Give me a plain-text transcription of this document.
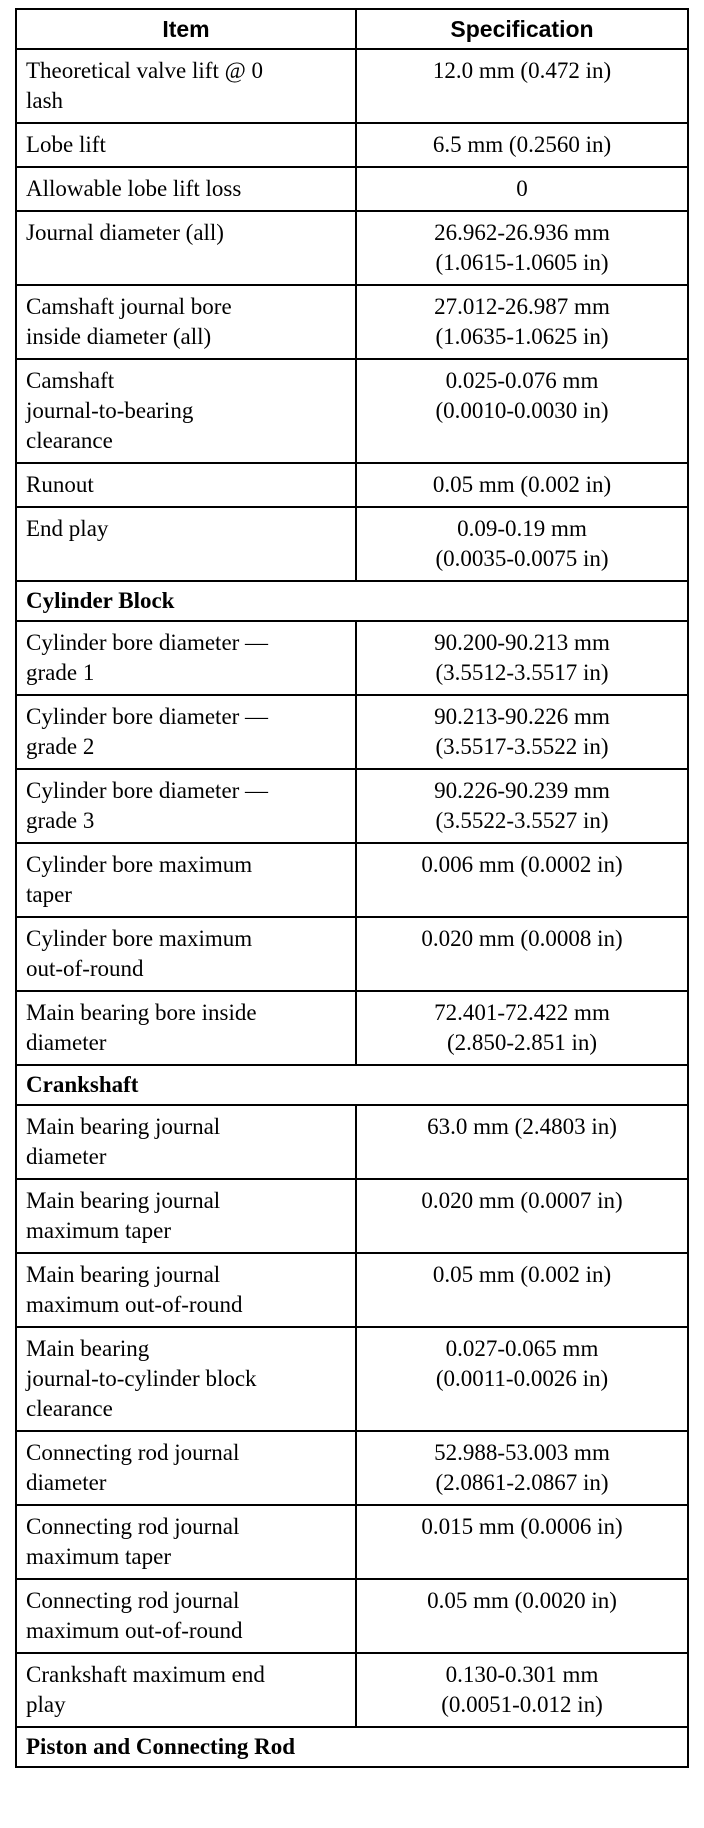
Item	Specification

Theoretical valve lift @ 0
lash	12.0 mm (0.472 in)

Lobe lift	6.5 mm (0.2560 in)

Allowable lobe lift loss	0

Journal diameter (all)	26.962-26.936 mm
(1.0615-1.0605 in)

Camshaft journal bore
inside diameter (all)	27.012-26.987 mm
(1.0635-1.0625 in)

Camshaft
journal-to-bearing
clearance	0.025-0.076 mm
(0.0010-0.0030 in)

Runout	0.05 mm (0.002 in)

End play	0.09-0.19 mm
(0.0035-0.0075 in)

Cylinder Block	

Cylinder bore diameter —
grade 1	90.200-90.213 mm
(3.5512-3.5517 in)

Cylinder bore diameter —
grade 2	90.213-90.226 mm
(3.5517-3.5522 in)

Cylinder bore diameter —
grade 3	90.226-90.239 mm
(3.5522-3.5527 in)

Cylinder bore maximum
taper	0.006 mm (0.0002 in)

Cylinder bore maximum
out-of-round	0.020 mm (0.0008 in)

Main bearing bore inside
diameter	72.401-72.422 mm
(2.850-2.851 in)

Crankshaft	

Main bearing journal
diameter	63.0 mm (2.4803 in)

Main bearing journal
maximum taper	0.020 mm (0.0007 in)

Main bearing journal
maximum out-of-round	0.05 mm (0.002 in)

Main bearing
journal-to-cylinder block
clearance	0.027-0.065 mm
(0.0011-0.0026 in)

Connecting rod journal
diameter	52.988-53.003 mm
(2.0861-2.0867 in)

Connecting rod journal
maximum taper	0.015 mm (0.0006 in)

Connecting rod journal
maximum out-of-round	0.05 mm (0.0020 in)

Crankshaft maximum end
play	0.130-0.301 mm
(0.0051-0.012 in)

Piston and Connecting Rod	
